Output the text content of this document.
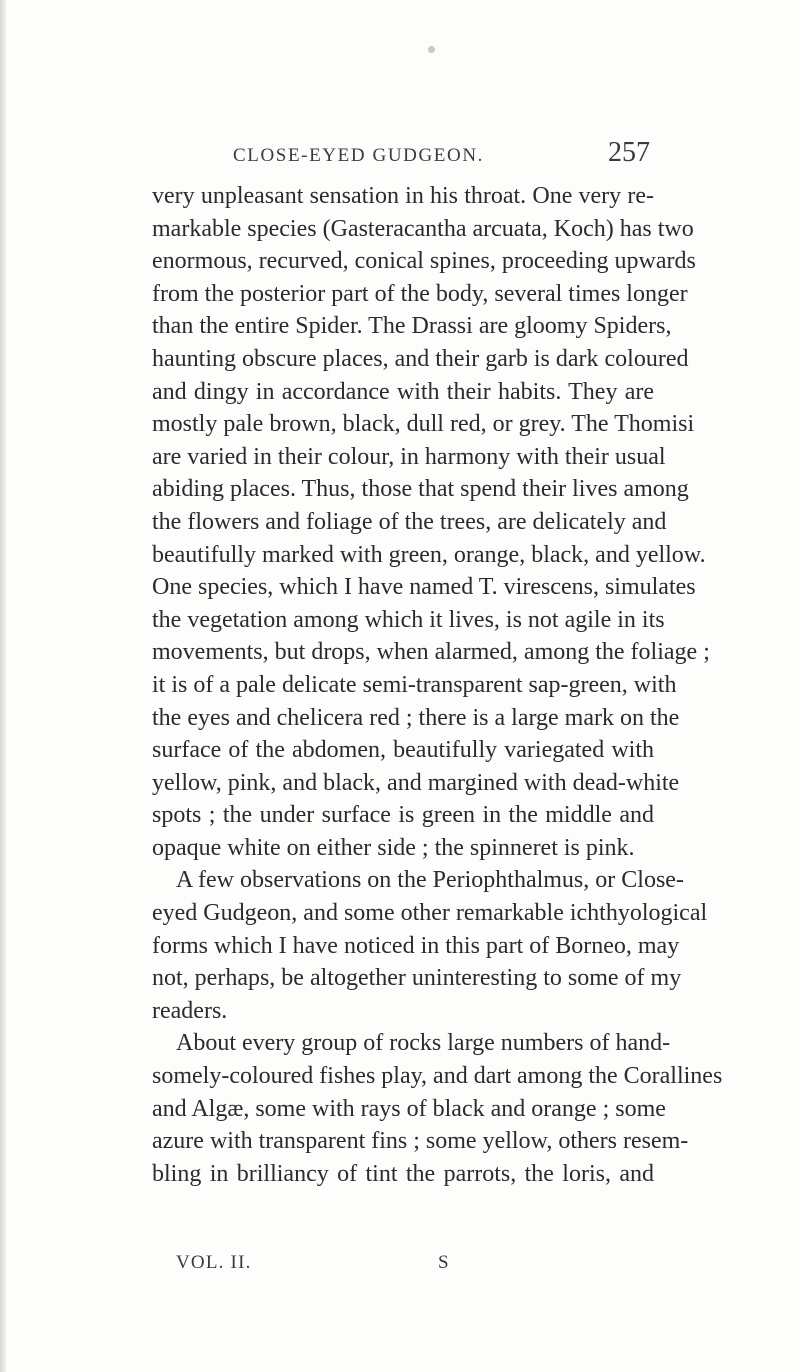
CLOSE-EYED GUDGEON.	257
very unpleasant sensation in his throat. One very re-
markable species (Gasteracantha arcuata, Koch) has two
enormous, recurved, conical spines, proceeding upwards
from the posterior part of the body, several times longer
than the entire Spider. The Drassi are gloomy Spiders,
haunting obscure places, and their garb is dark coloured
and dingy in accordance with their habits. They are
mostly pale brown, black, dull red, or grey. The Thomisi
are varied in their colour, in harmony with their usual
abiding places. Thus, those that spend their lives among
the flowers and foliage of the trees, are delicately and
beautifully marked with green, orange, black, and yellow.
One species, which I have named T. virescens, simulates
the vegetation among which it lives, is not agile in its
movements, but drops, when alarmed, among the foliage ;
it is of a pale delicate semi-transparent sap-green, with
the eyes and chelicera red ; there is a large mark on the
surface of the abdomen, beautifully variegated with
yellow, pink, and black, and margined with dead-white
spots ; the under surface is green in the middle and
opaque white on either side ; the spinneret is pink.
A few observations on the Periophthalmus, or Close-
eyed Gudgeon, and some other remarkable ichthyological
forms which I have noticed in this part of Borneo, may
not, perhaps, be altogether uninteresting to some of my
readers.
About every group of rocks large numbers of hand-
somely-coloured fishes play, and dart among the Corallines
and Algæ, some with rays of black and orange ; some
azure with transparent fins ; some yellow, others resem-
bling in brilliancy of tint the parrots, the loris, and
VOL. II.	S
